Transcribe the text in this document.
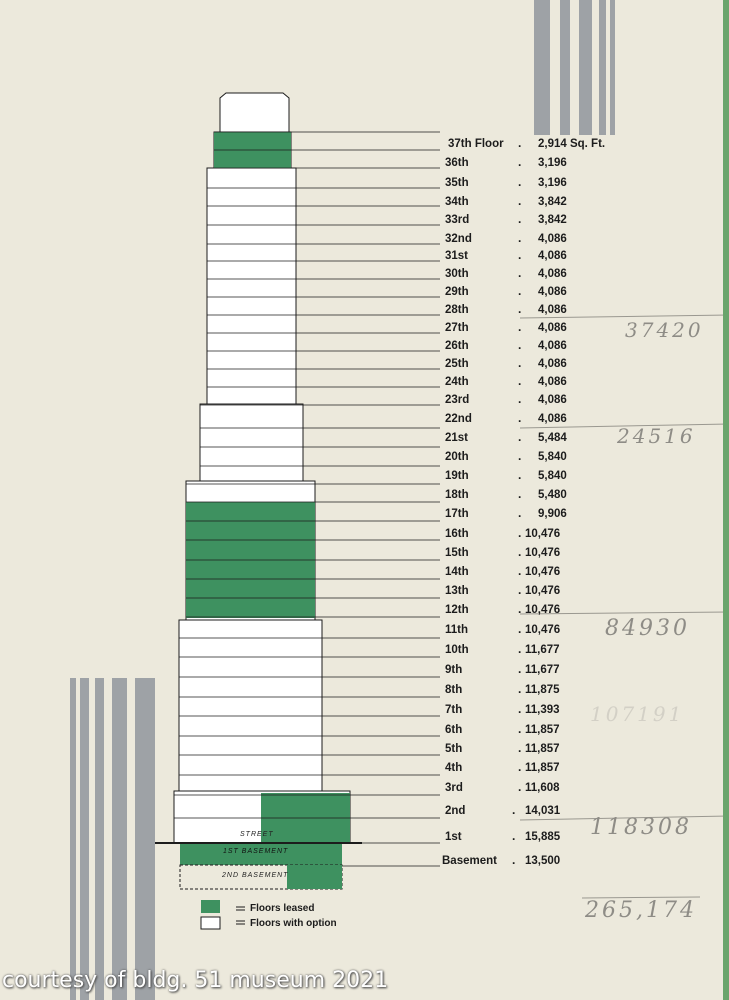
37th Floor	. 2,914 Sq. Ft.
36th	. 3,196
35th	. 3,196
34th	. 3,842
33rd	. 3,842
32nd	. 4,086
31st	. 4,086
30th	. 4,086
29th	. 4,086
28th	. 4,086
27th	. 4,086
26th	. 4,086
25th	. 4,086
24th	. 4,086
23rd	. 4,086
22nd	. 4,086
21st	. 5,484
20th	. 5,840
19th	. 5,840
18th	. 5,480
17th	. 9,906
16th	. 10,476
15th	. 10,476
14th	. 10,476
13th	. 10,476
12th	. 10,476
11th	. 10,476
10th	. 11,677
9th	. 11,677
8th	. 11,875
7th	. 11,393
6th	. 11,857
5th	. 11,857
4th	. 11,857
3rd	. 11,608
2nd	. 14,031
1st	. 15,885
Basement	. 13,500
STREET
1ST BASEMENT
2ND BASEMENT
37420
24516
84930
107191
118308
265,174
Floors leased
Floors with option
courtesy of bldg. 51 museum 2021
